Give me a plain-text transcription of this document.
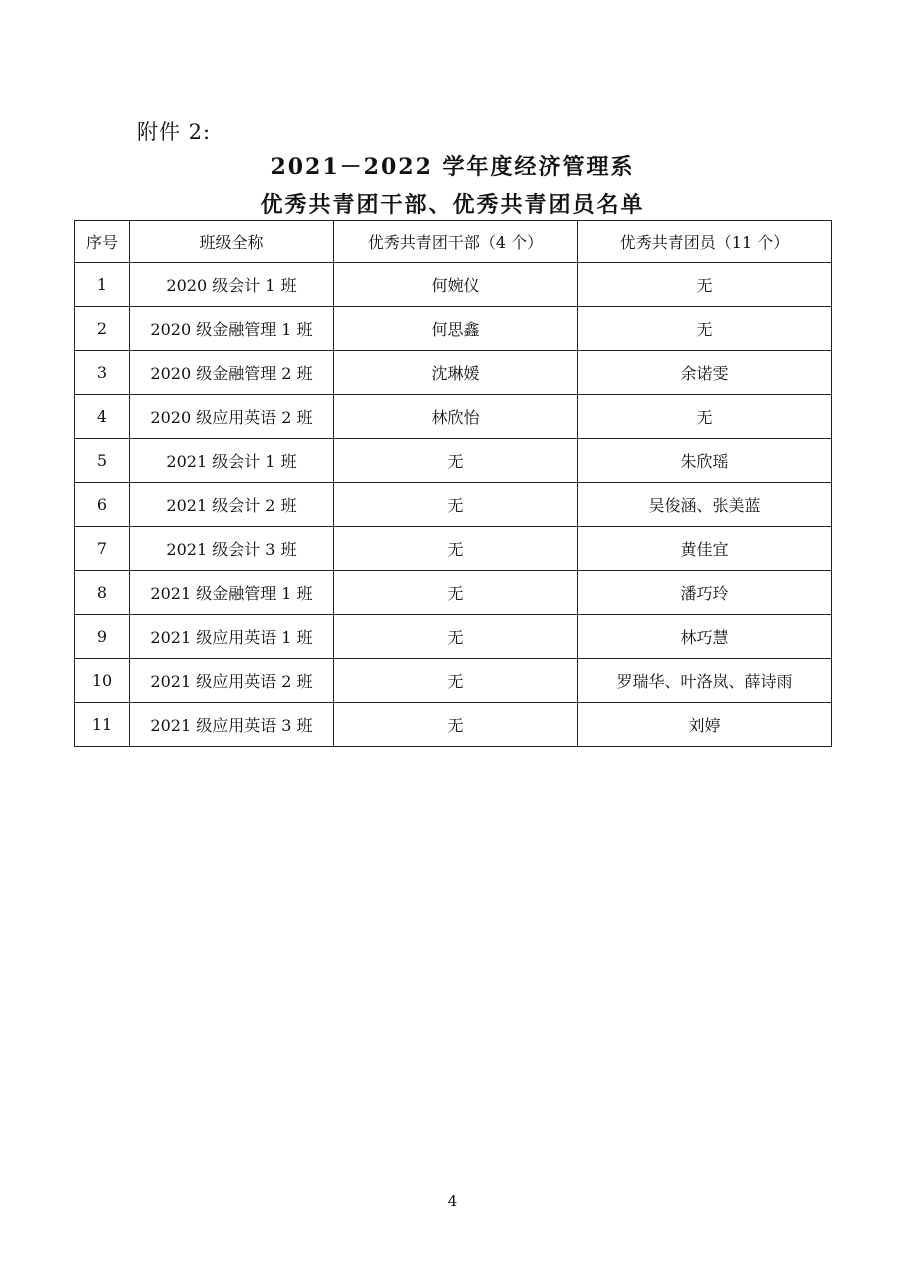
附件 2:
2021－2022 学年度经济管理系
优秀共青团干部、优秀共青团员名单
序号	班级全称	优秀共青团干部（4 个）	优秀共青团员（11 个）
1	2020 级会计 1 班	何婉仪	无
2	2020 级金融管理 1 班	何思鑫	无
3	2020 级金融管理 2 班	沈琳媛	余诺雯
4	2020 级应用英语 2 班	林欣怡	无
5	2021 级会计 1 班	无	朱欣瑶
6	2021 级会计 2 班	无	吴俊涵、张美蓝
7	2021 级会计 3 班	无	黄佳宜
8	2021 级金融管理 1 班	无	潘巧玲
9	2021 级应用英语 1 班	无	林巧慧
10	2021 级应用英语 2 班	无	罗瑞华、叶洛岚、薛诗雨
11	2021 级应用英语 3 班	无	刘婷
4
